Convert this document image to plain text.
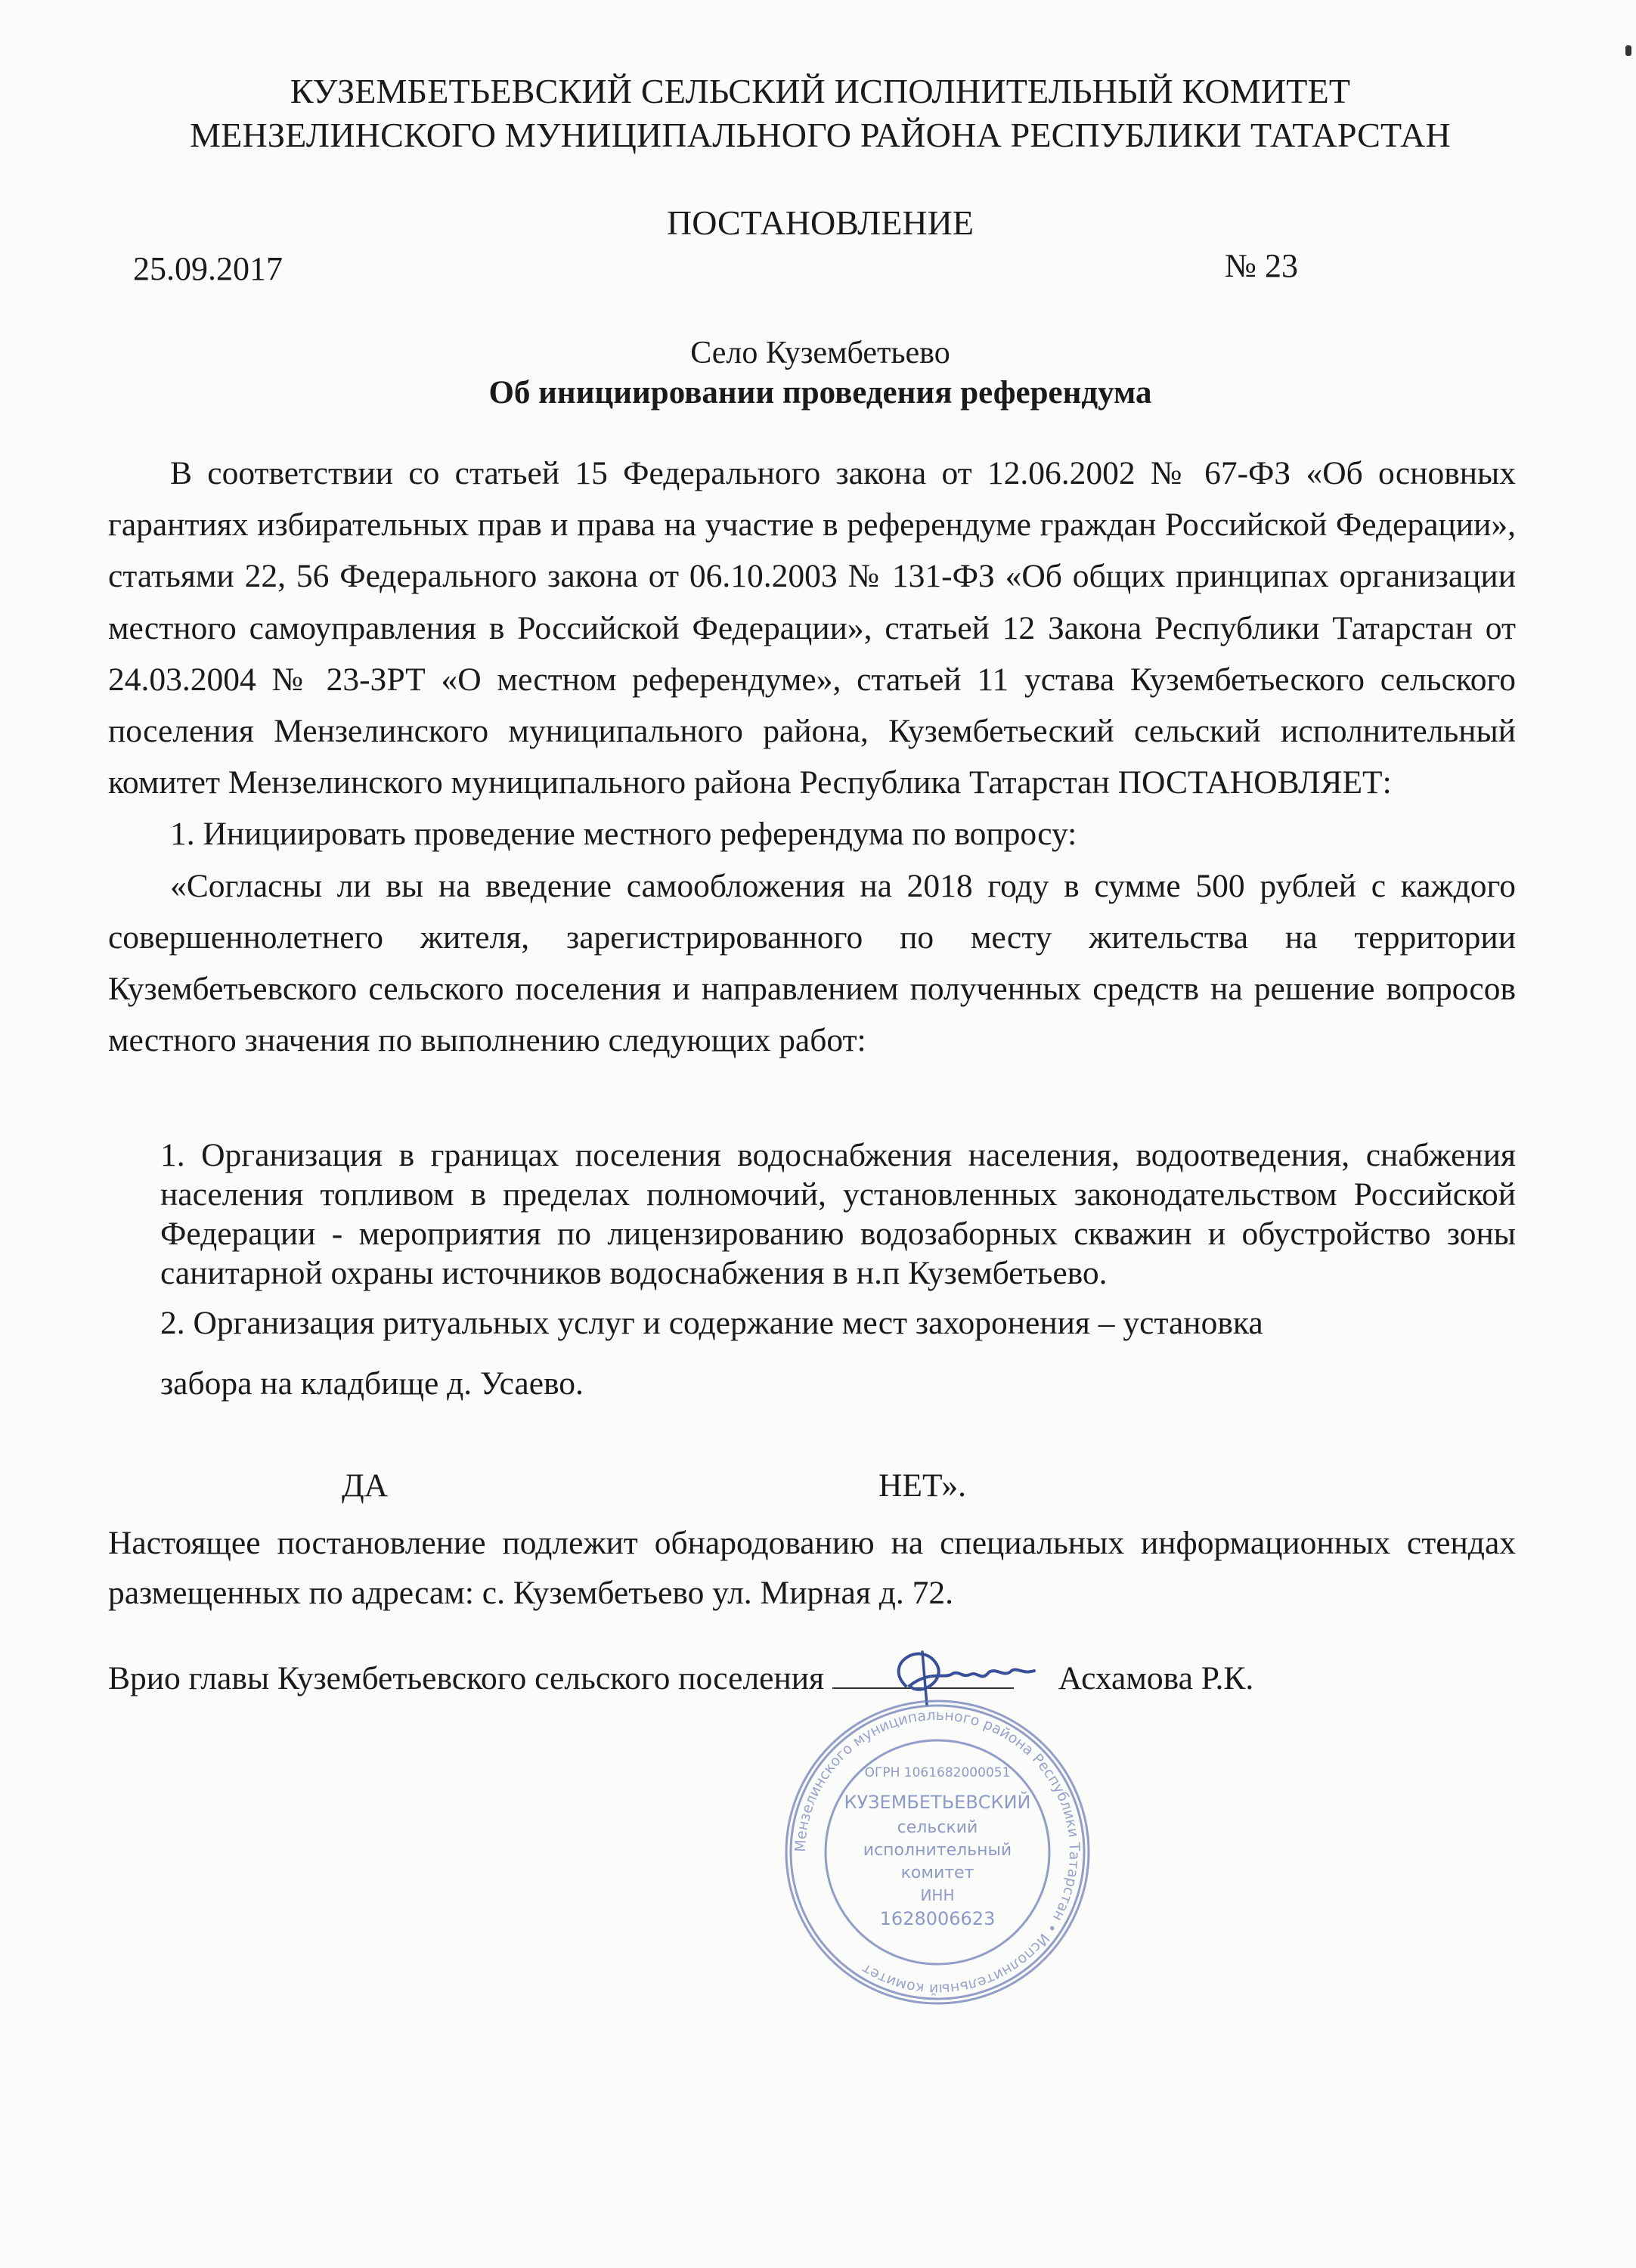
КУЗЕМБЕТЬЕВСКИЙ СЕЛЬСКИЙ ИСПОЛНИТЕЛЬНЫЙ КОМИТЕТ
МЕНЗЕЛИНСКОГО МУНИЦИПАЛЬНОГО РАЙОНА РЕСПУБЛИКИ ТАТАРСТАН
ПОСТАНОВЛЕНИЕ
25.09.2017	№ 23
Село Кузембетьево
Об инициировании проведения референдума

В соответствии со статьей 15 Федерального закона от 12.06.2002 № 67-ФЗ «Об основных гарантиях избирательных прав и права на участие в референдуме граждан Российской Федерации», статьями 22, 56 Федерального закона от 06.10.2003 № 131-ФЗ «Об общих принципах организации местного самоуправления в Российской Федерации», статьей 12 Закона Республики Татарстан от 24.03.2004 № 23-ЗРТ «О местном референдуме», статьей 11 устава Кузембетьеского сельского поселения Мензелинского муниципального района, Кузембетьеский сельский исполнительный комитет Мензелинского муниципального района Республика Татарстан ПОСТАНОВЛЯЕТ:

1. Инициировать проведение местного референдума по вопросу:

«Согласны ли вы на введение самообложения на 2018 году в сумме 500 рублей с каждого совершеннолетнего жителя, зарегистрированного по месту жительства на территории Кузембетьевского сельского поселения и направлением полученных средств на решение вопросов местного значения по выполнению следующих работ:

1. Организация в границах поселения водоснабжения населения, водоотведения, снабжения населения топливом в пределах полномочий, установленных законодательством Российской Федерации - мероприятия по лицензированию водозаборных скважин и обустройство зоны санитарной охраны источников водоснабжения в н.п Кузембетьево.
2. Организация ритуальных услуг и содержание мест захоронения – установка
забора на кладбище д. Усаево.
ДА	НЕТ».
Настоящее постановление подлежит обнародованию на специальных информационных стендах размещенных по адресам: с. Кузембетьево ул. Мирная д. 72.
Врио главы Кузембетьевского сельского поселения	Асхамова Р.К.
Мензелинского муниципального района Республики Татарстан • Исполнительный комитет
ОГРН 1061682000051
КУЗЕМБЕТЬЕВСКИЙ
сельский
исполнительный
комитет
ИНН
1628006623
